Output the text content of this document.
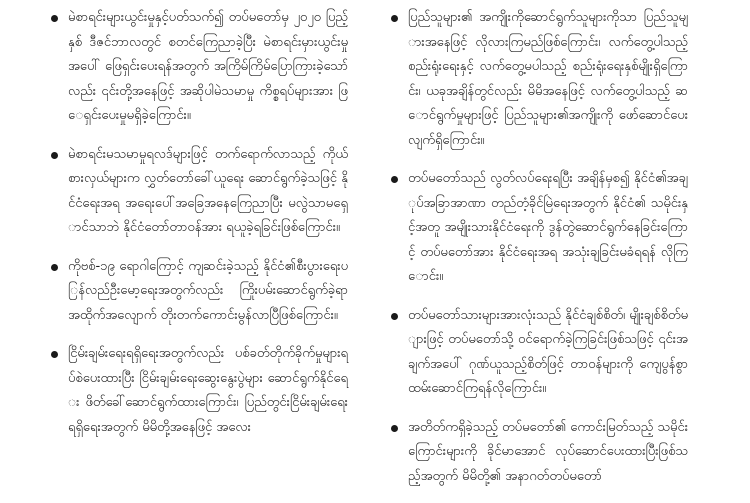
မဲစာရင်းများယွင်းမှုနှင့်ပတ်သက်၍ တပ်မတော်မှ ၂၀၂၀ ပြည့်နှစ် ဒီဇင်ဘာလတွင် စတင်ကြေညာခဲ့ပြီး မဲစာရင်းမှားယွင်းမှုအပေါ် ဖြေရှင်းပေးရန်အတွက် အကြိမ်ကြိမ်ပြောကြားခဲ့သော်လည်း ၎င်းတို့အနေဖြင့် အဆိုပါမဲသမာမှု ကိစ္စရပ်များအား ဖြေရှင်းပေးမှုမရှိခဲ့ကြောင်း။
မဲစာရင်းမသမာမှုရလဒ်များဖြင့် တက်ရောက်လာသည့် ကိုယ်စားလှယ်များက လွှတ်တော်ခေါ်ယူရေး ဆောင်ရွက်ခဲ့သဖြင့် နိုင်ငံရေးအရ အရေးပေါ်အခြေအနေကြေညာပြီး မလွဲသာမရှောင်သာဘဲ နိုင်ငံတော်တာဝန်အား ရယူခဲ့ရခြင်းဖြစ်ကြောင်း။
ကိုဗစ်-၁၉ ရောဂါကြောင့် ကျဆင်းခဲ့သည့် နိုင်ငံ၏စီးပွားရေးပြန်လည်ဦးမော့ရေးအတွက်လည်း ကြိုးပမ်းဆောင်ရွက်ခဲ့ရာ အထိုက်အလျောက် တိုးတက်ကောင်းမွန်လာပြီဖြစ်ကြောင်း။
ငြိမ်းချမ်းရေးရရှိရေးအတွက်လည်း ပစ်ခတ်တိုက်ခိုက်မှုများရပ်စဲပေးထားပြီး ငြိမ်းချမ်းရေးဆွေးနွေးပွဲများ ဆောင်ရွက်နိုင်ရေး ဖိတ်ခေါ်ဆောင်ရွက်ထားကြောင်း၊ ပြည်တွင်းငြိမ်းချမ်းရေးရရှိရေးအတွက် မိမိတို့အနေဖြင့် အလေး
ပြည်သူများ၏ အကျိုးကိုဆောင်ရွက်သူများကိုသာ ပြည်သူများအနေဖြင့် လိုလားကြမည်ဖြစ်ကြောင်း၊ လက်တွေ့ပါသည့် စည်းရုံးရေးနှင့် လက်တွေ့မပါသည့် စည်းရုံးရေးနှစ်မျိုးရှိကြောင်း၊ ယခုအချိန်တွင်လည်း မိမိအနေဖြင့် လက်တွေ့ပါသည့် ဆောင်ရွက်မှုများဖြင့် ပြည်သူများ၏အကျိုးကို ဖော်ဆောင်ပေးလျက်ရှိကြောင်း။
တပ်မတော်သည် လွတ်လပ်ရေးရပြီး အချိန်မှစ၍ နိုင်ငံ၏အချုပ်အခြာအာဏာ တည်တံ့ခိုင်မြဲရေးအတွက် နိုင်ငံ၏ သမိုင်းနှင့်အတူ အမျိုးသားနိုင်ငံရေးကို ဒွန်တွဲဆောင်ရွက်နေခြင်းကြောင့် တပ်မတော်အား နိုင်ငံရေးအရ အသုံးချခြင်းမခံရရန် လိုကြောင်း။
တပ်မတော်သားများအားလုံးသည် နိုင်ငံချစ်စိတ်၊ မျိုးချစ်စိတ်များဖြင့် တပ်မတော်သို့ ဝင်ရောက်ခဲ့ကြခြင်းဖြစ်သဖြင့် ၎င်းအချက်အပေါ် ဂုဏ်ယူသည့်စိတ်ဖြင့် တာဝန်များကို ကျေပွန်စွာထမ်းဆောင်ကြရန်လိုကြောင်း။
အတိတ်ကရှိခဲ့သည့် တပ်မတော်၏ ကောင်းမြတ်သည့် သမိုင်းကြောင်းများကို ခိုင်မာအောင် လုပ်ဆောင်ပေးထားပြီးဖြစ်သည့်အတွက် မိမိတို့၏ အနာဂတ်တပ်မတော်
